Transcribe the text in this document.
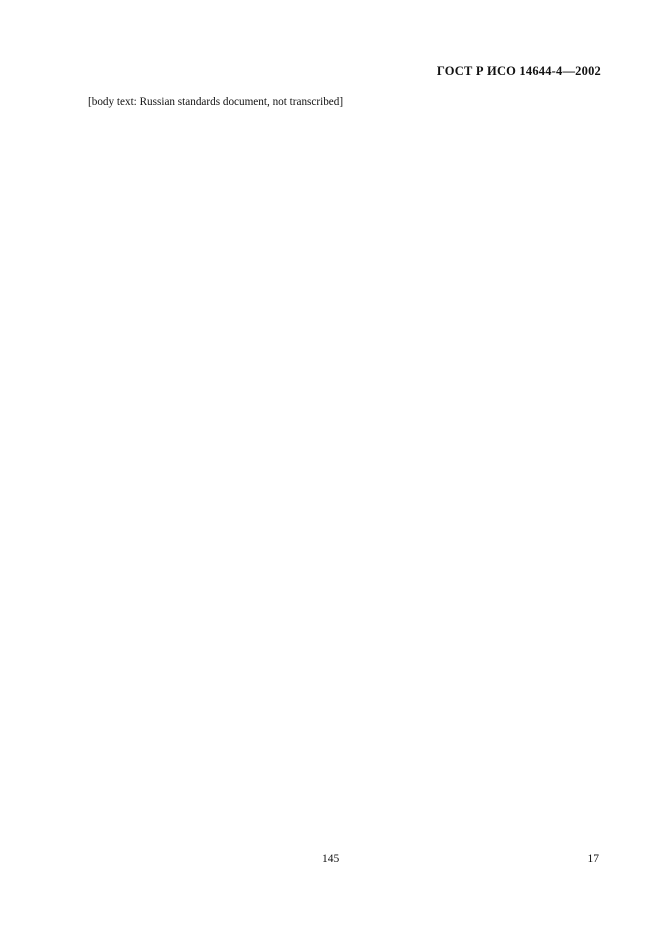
ГОСТ Р ИСО 14644-4—2002

[body text: Russian standards document, not transcribed]

145	17
